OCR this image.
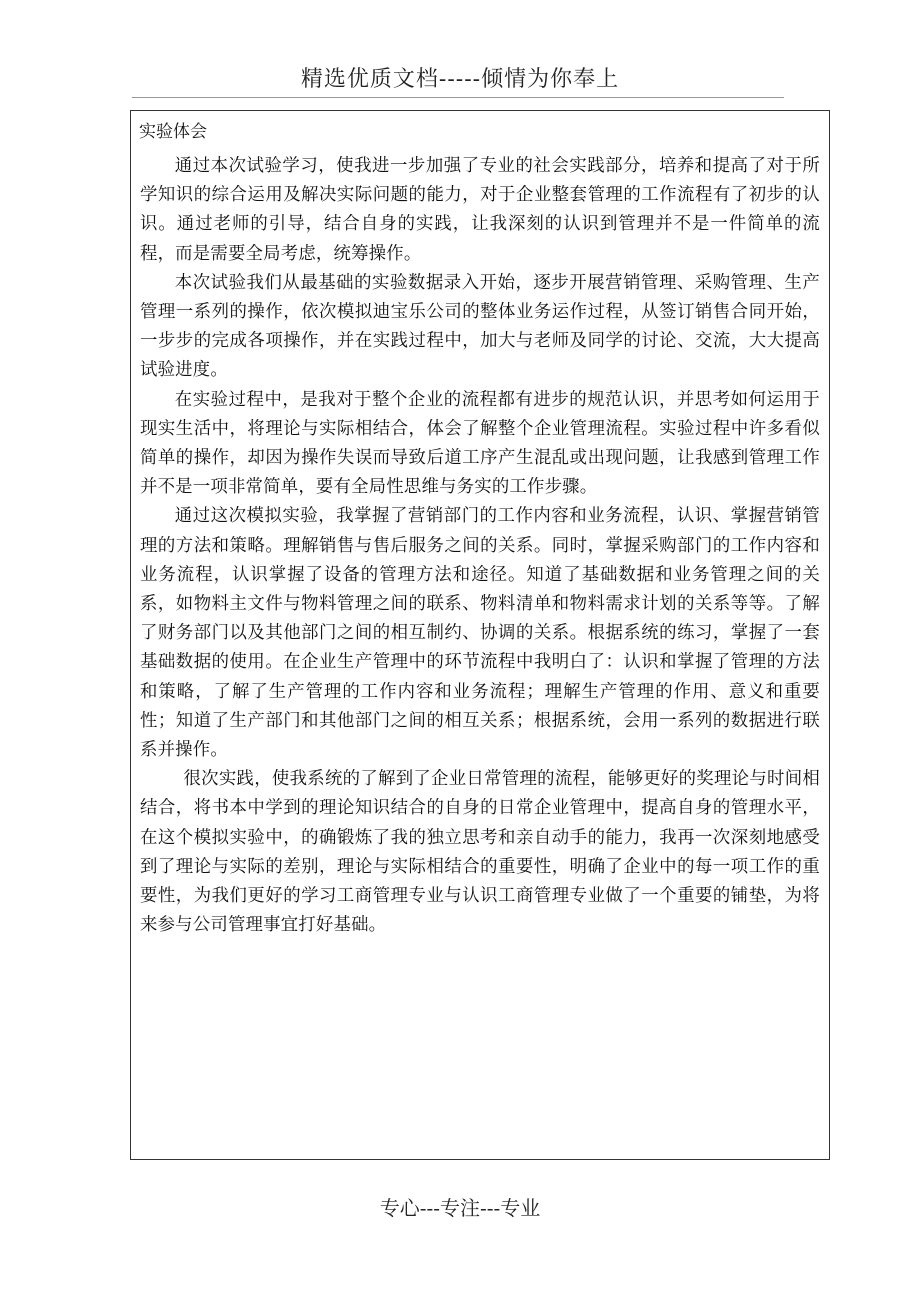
精选优质文档-----倾情为你奉上
实验体会

通过本次试验学习，使我进一步加强了专业的社会实践部分，培养和提高了对于所学知识的综合运用及解决实际问题的能力，对于企业整套管理的工作流程有了初步的认识。通过老师的引导，结合自身的实践，让我深刻的认识到管理并不是一件简单的流程，而是需要全局考虑，统筹操作。

本次试验我们从最基础的实验数据录入开始，逐步开展营销管理、采购管理、生产管理一系列的操作，依次模拟迪宝乐公司的整体业务运作过程，从签订销售合同开始，一步步的完成各项操作，并在实践过程中，加大与老师及同学的讨论、交流，大大提高试验进度。

在实验过程中，是我对于整个企业的流程都有进步的规范认识，并思考如何运用于现实生活中，将理论与实际相结合，体会了解整个企业管理流程。实验过程中许多看似简单的操作，却因为操作失误而导致后道工序产生混乱或出现问题，让我感到管理工作并不是一项非常简单，要有全局性思维与务实的工作步骤。

通过这次模拟实验，我掌握了营销部门的工作内容和业务流程，认识、掌握营销管理的方法和策略。理解销售与售后服务之间的关系。同时，掌握采购部门的工作内容和业务流程，认识掌握了设备的管理方法和途径。知道了基础数据和业务管理之间的关系，如物料主文件与物料管理之间的联系、物料清单和物料需求计划的关系等等。了解了财务部门以及其他部门之间的相互制约、协调的关系。根据系统的练习，掌握了一套基础数据的使用。在企业生产管理中的环节流程中我明白了：认识和掌握了管理的方法和策略，了解了生产管理的工作内容和业务流程；理解生产管理的作用、意义和重要性；知道了生产部门和其他部门之间的相互关系；根据系统，会用一系列的数据进行联系并操作。

很次实践，使我系统的了解到了企业日常管理的流程，能够更好的奖理论与时间相结合，将书本中学到的理论知识结合的自身的日常企业管理中，提高自身的管理水平，在这个模拟实验中，的确锻炼了我的独立思考和亲自动手的能力，我再一次深刻地感受到了理论与实际的差别，理论与实际相结合的重要性，明确了企业中的每一项工作的重要性，为我们更好的学习工商管理专业与认识工商管理专业做了一个重要的铺垫，为将来参与公司管理事宜打好基础。

专心---专注---专业
